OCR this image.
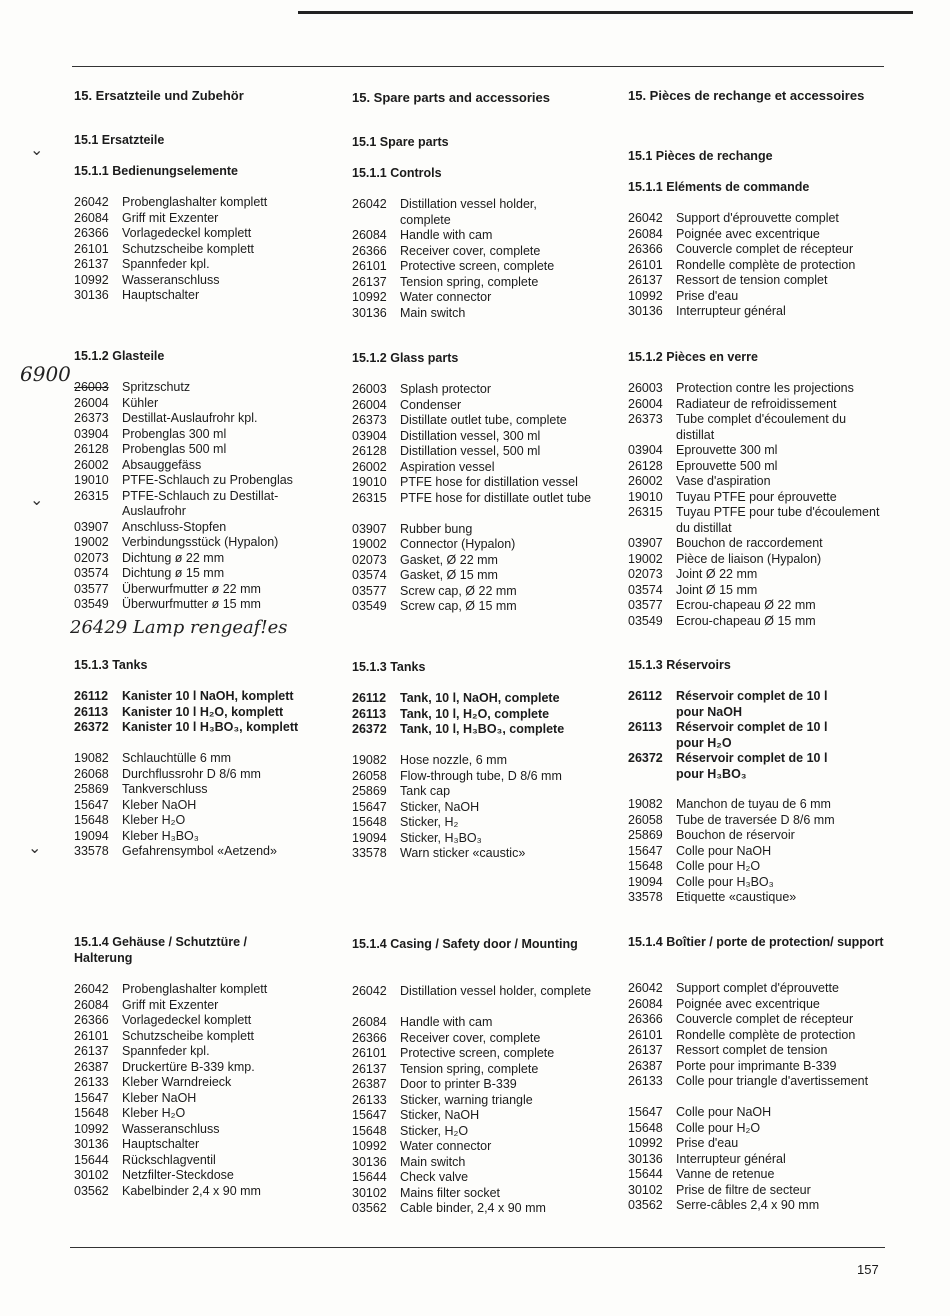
6900
26429 Lamp rengeaf!es
⌄
⌄
⌄
15. Ersatzteile und Zubehör
15.1 Ersatzteile
15.1.1 Bedienungselemente
26042 Probenglashalter komplett
26084 Griff mit Exzenter
26366 Vorlagedeckel komplett
26101 Schutzscheibe komplett
26137 Spannfeder kpl.
10992 Wasseranschluss
30136 Hauptschalter
15.1.2 Glasteile
26003 Spritzschutz
26004 Kühler
26373 Destillat-Auslaufrohr kpl.
03904 Probenglas 300 ml
26128 Probenglas 500 ml
26002 Absauggefäss
19010 PTFE-Schlauch zu Probenglas
26315 PTFE-Schlauch zu Destillat-Auslaufrohr
03907 Anschluss-Stopfen
19002 Verbindungsstück (Hypalon)
02073 Dichtung ø 22 mm
03574 Dichtung ø 15 mm
03577 Überwurfmutter ø 22 mm
03549 Überwurfmutter ø 15 mm
15.1.3 Tanks
26112 Kanister 10 l NaOH, komplett
26113 Kanister 10 l H₂O, komplett
26372 Kanister 10 l H₃BO₃, komplett
19082 Schlauchtülle 6 mm
26068 Durchflussrohr D 8/6 mm
25869 Tankverschluss
15647 Kleber NaOH
15648 Kleber H₂O
19094 Kleber H₃BO₃
33578 Gefahrensymbol «Aetzend»
15.1.4 Gehäuse / Schutztüre / Halterung
26042 Probenglashalter komplett
26084 Griff mit Exzenter
26366 Vorlagedeckel komplett
26101 Schutzscheibe komplett
26137 Spannfeder kpl.
26387 Druckertüre B-339 kmp.
26133 Kleber Warndreieck
15647 Kleber NaOH
15648 Kleber H₂O
10992 Wasseranschluss
30136 Hauptschalter
15644 Rückschlagventil
30102 Netzfilter-Steckdose
03562 Kabelbinder 2,4 x 90 mm
15. Spare parts and accessories
15.1 Spare parts
15.1.1 Controls
26042 Distillation vessel holder, complete
26084 Handle with cam
26366 Receiver cover, complete
26101 Protective screen, complete
26137 Tension spring, complete
10992 Water connector
30136 Main switch
15.1.2 Glass parts
26003 Splash protector
26004 Condenser
26373 Distillate outlet tube, complete
03904 Distillation vessel, 300 ml
26128 Distillation vessel, 500 ml
26002 Aspiration vessel
19010 PTFE hose for distillation vessel
26315 PTFE hose for distillate outlet tube
03907 Rubber bung
19002 Connector (Hypalon)
02073 Gasket, Ø 22 mm
03574 Gasket, Ø 15 mm
03577 Screw cap, Ø 22 mm
03549 Screw cap, Ø 15 mm
15.1.3 Tanks
26112 Tank, 10 l, NaOH, complete
26113 Tank, 10 l, H₂O, complete
26372 Tank, 10 l, H₃BO₃, complete
19082 Hose nozzle, 6 mm
26058 Flow-through tube, D 8/6 mm
25869 Tank cap
15647 Sticker, NaOH
15648 Sticker, H₂
19094 Sticker, H₃BO₃
33578 Warn sticker «caustic»
15.1.4 Casing / Safety door / Mounting
26042 Distillation vessel holder, complete
26084 Handle with cam
26366 Receiver cover, complete
26101 Protective screen, complete
26137 Tension spring, complete
26387 Door to printer B-339
26133 Sticker, warning triangle
15647 Sticker, NaOH
15648 Sticker, H₂O
10992 Water connector
30136 Main switch
15644 Check valve
30102 Mains filter socket
03562 Cable binder, 2,4 x 90 mm
15. Pièces de rechange et accessoires
15.1 Pièces de rechange
15.1.1 Eléments de commande
26042 Support d'éprouvette complet
26084 Poignée avec excentrique
26366 Couvercle complet de récepteur
26101 Rondelle complète de protection
26137 Ressort de tension complet
10992 Prise d'eau
30136 Interrupteur général
15.1.2 Pièces en verre
26003 Protection contre les projections
26004 Radiateur de refroidissement
26373 Tube complet d'écoulement du distillat
03904 Eprouvette 300 ml
26128 Eprouvette 500 ml
26002 Vase d'aspiration
19010 Tuyau PTFE pour éprouvette
26315 Tuyau PTFE pour tube d'écoulement du distillat
03907 Bouchon de raccordement
19002 Pièce de liaison (Hypalon)
02073 Joint Ø 22 mm
03574 Joint Ø 15 mm
03577 Ecrou-chapeau Ø 22 mm
03549 Ecrou-chapeau Ø 15 mm
15.1.3 Réservoirs
26112 Réservoir complet de 10 l pour NaOH
26113 Réservoir complet de 10 l pour H₂O
26372 Réservoir complet de 10 l pour H₃BO₃
19082 Manchon de tuyau de 6 mm
26058 Tube de traversée D 8/6 mm
25869 Bouchon de réservoir
15647 Colle pour NaOH
15648 Colle pour H₂O
19094 Colle pour H₃BO₃
33578 Etiquette «caustique»
15.1.4 Boîtier / porte de protection/ support
26042 Support complet d'éprouvette
26084 Poignée avec excentrique
26366 Couvercle complet de récepteur
26101 Rondelle complète de protection
26137 Ressort complet de tension
26387 Porte pour imprimante B-339
26133 Colle pour triangle d'avertissement
15647 Colle pour NaOH
15648 Colle pour H₂O
10992 Prise d'eau
30136 Interrupteur général
15644 Vanne de retenue
30102 Prise de filtre de secteur
03562 Serre-câbles 2,4 x 90 mm
157
